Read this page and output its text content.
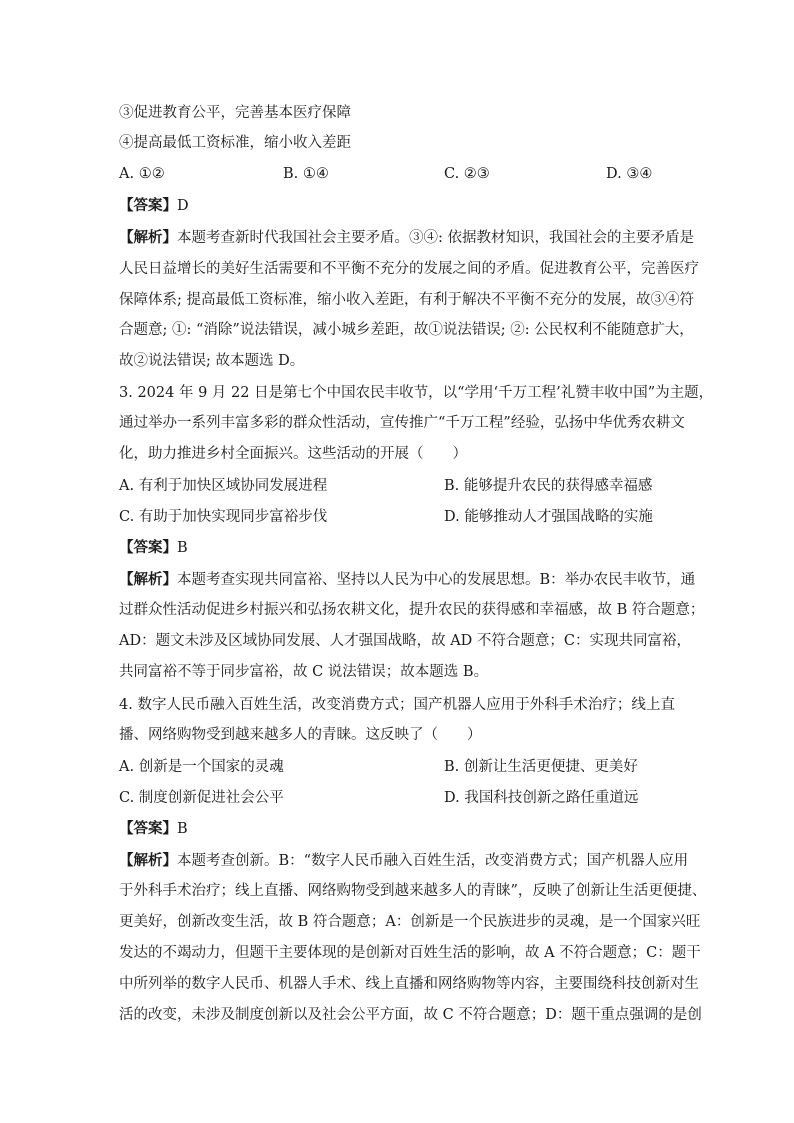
③促进教育公平，完善基本医疗保障
④提高最低工资标准，缩小收入差距
A. ①②	B. ①④	C. ②③	D. ③④
【答案】D
【解析】本题考查新时代我国社会主要矛盾。③④: 依据教材知识，我国社会的主要矛盾是
人民日益增长的美好生活需要和不平衡不充分的发展之间的矛盾。促进教育公平，完善医疗
保障体系; 提高最低工资标准，缩小收入差距，有利于解决不平衡不充分的发展，故③④符
合题意; ①: “消除”说法错误，减小城乡差距，故①说法错误; ②: 公民权利不能随意扩大，
故②说法错误; 故本题选 D。
3. 2024 年 9 月 22 日是第七个中国农民丰收节，以“学用‘千万工程’礼赞丰收中国”为主题，
通过举办一系列丰富多彩的群众性活动，宣传推广“千万工程”经验，弘扬中华优秀农耕文
化，助力推进乡村全面振兴。这些活动的开展（　　）
A. 有利于加快区域协同发展进程	B. 能够提升农民的获得感幸福感
C. 有助于加快实现同步富裕步伐	D. 能够推动人才强国战略的实施
【答案】B
【解析】本题考查实现共同富裕、坚持以人民为中心的发展思想。B：举办农民丰收节，通
过群众性活动促进乡村振兴和弘扬农耕文化，提升农民的获得感和幸福感，故 B 符合题意；
AD：题文未涉及区域协同发展、人才强国战略，故 AD 不符合题意；C：实现共同富裕，
共同富裕不等于同步富裕，故 C 说法错误；故本题选 B。
4. 数字人民币融入百姓生活，改变消费方式；国产机器人应用于外科手术治疗；线上直
播、网络购物受到越来越多人的青睐。这反映了（　　）
A. 创新是一个国家的灵魂	B. 创新让生活更便捷、更美好
C. 制度创新促进社会公平	D. 我国科技创新之路任重道远
【答案】B
【解析】本题考查创新。B：“数字人民币融入百姓生活，改变消费方式；国产机器人应用
于外科手术治疗；线上直播、网络购物受到越来越多人的青睐”，反映了创新让生活更便捷、
更美好，创新改变生活，故 B 符合题意；A：创新是一个民族进步的灵魂，是一个国家兴旺
发达的不竭动力，但题干主要体现的是创新对百姓生活的影响，故 A 不符合题意；C：题干
中所列举的数字人民币、机器人手术、线上直播和网络购物等内容，主要围绕科技创新对生
活的改变，未涉及制度创新以及社会公平方面，故 C 不符合题意；D：题干重点强调的是创
